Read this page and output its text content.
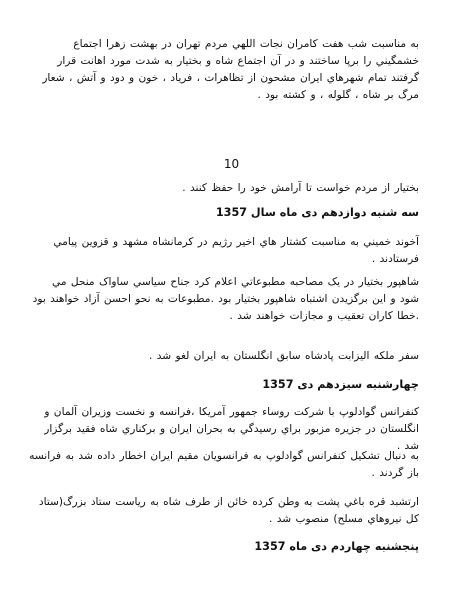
به مناسبت شب هفت کامران نجات اللهي مردم تهران در بهشت زهرا اجتماع خشمگيني را برپا ساختند و در آن اجتماع شاه و بختيار به شدت مورد اهانت قرار گرفتند تمام شهرهاي ايران مشحون از تظاهرات ، فرياد ، خون و دود و آتش ، شعار مرگ بر شاه ، گلوله ، و کشته بود .

10

بختيار از مردم خواست تا آرامش خود را حفظ کنند .

سه شنبه دوازدهم دی ماه سال 1357

آخوند خميني به مناسبت کشتار هاي اخير رژيم در کرمانشاه مشهد و قزوين پيامي فرستادند .

شاهپور بختيار در يک مصاحبه مطبوعاتي اعلام کرد جناح سياسي ساواک منحل مي شود و اين برگزيدن اشتباه شاهپور بختيار بود .مطبوعات به نحو احسن آزاد خواهند بود .خطا کاران تعقيب و مجازات خواهند شد .

سفر ملکه اليزابت پادشاه سابق انگلستان به ايران لغو شد .

چهارشنبه سيزدهم دی 1357

کنفرانس گوادلوپ با شرکت روساء جمهور آمريکا ،فرانسه و نخست وزيران آلمان و انگلستان در جزيره مزبور براي رسيدگي به بحران ايران و برکناري شاه فقيد برگزار شد .

به دنبال تشکيل کنفرانس گوادلوپ به فرانسويان مقيم ايران اخطار داده شد به فرانسه باز گردند .

ارتشبد قره باغي پشت به وطن کرده خائن از طرف شاه به رياست ستاد بزرگ(ستاد کل نيروهاي مسلح) منصوب شد .

پنجشنبه چهاردم دی ماه 1357
